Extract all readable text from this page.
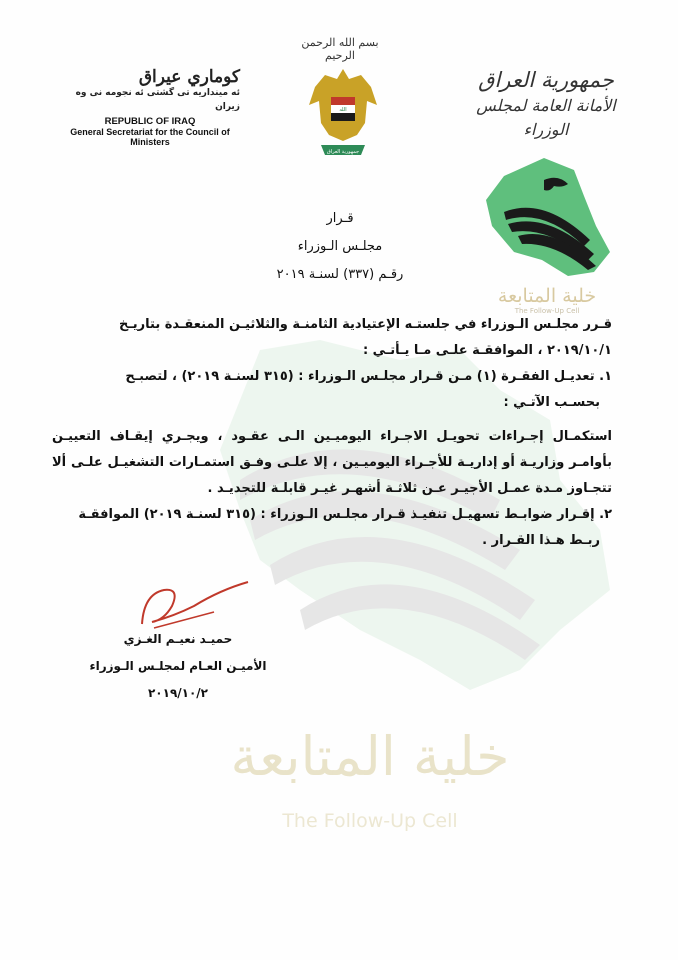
خلية المتابعة
The Follow-Up Cell
بسم الله الرحمن الرحيم
كوماري عيراق
ئه مینداریه تی گشتی ئه نجومه نی وه زیران
REPUBLIC OF IRAQ
General Secretariat for the Council of Ministers
الله
جمهورية العراق
جمهورية العراق
الأمانة العامة لمجلس الوزراء
خلية المتابعة
The Follow-Up Cell
قـرار
مجلـس الـوزراء
رقـم (٣٣٧) لسنـة ٢٠١٩

قـرر مجلـس الـوزراء في جلستـه الإعتيادية الثامنـة والثلاثيـن المنعقـدة بتاريـخ

٢٠١٩/١٠/١ ، الموافقـة علـى مـا يـأتـي :

١. تعديـل الفقـرة (١) مـن قـرار مجلـس الـوزراء : (٣١٥ لسنـة ٢٠١٩) ، لتصبـح

بحسـب الآتـي :

استكمـال إجـراءات تحويـل الاجـراء اليوميـين الـى عقـود ، ويجـري إيقـاف التعييـن بأوامـر وزاريـة أو إداريـة للأجـراء اليوميـين ، إلا علـى وفـق استمـارات التشغيـل علـى ألا تتجـاوز مـدة عمـل الأجيـر عـن ثلاثـة أشهـر غيـر قابلـة للتجديـد .

٢. إقـرار ضوابـط تسهيـل تنفيـذ قـرار مجلـس الـوزراء : (٣١٥ لسنـة ٢٠١٩) الموافقـة

ربـط هـذا القـرار .

حميـد نعيـم الغـزي
الأميـن العـام لمجلـس الـوزراء
٢٠١٩/١٠/٢
